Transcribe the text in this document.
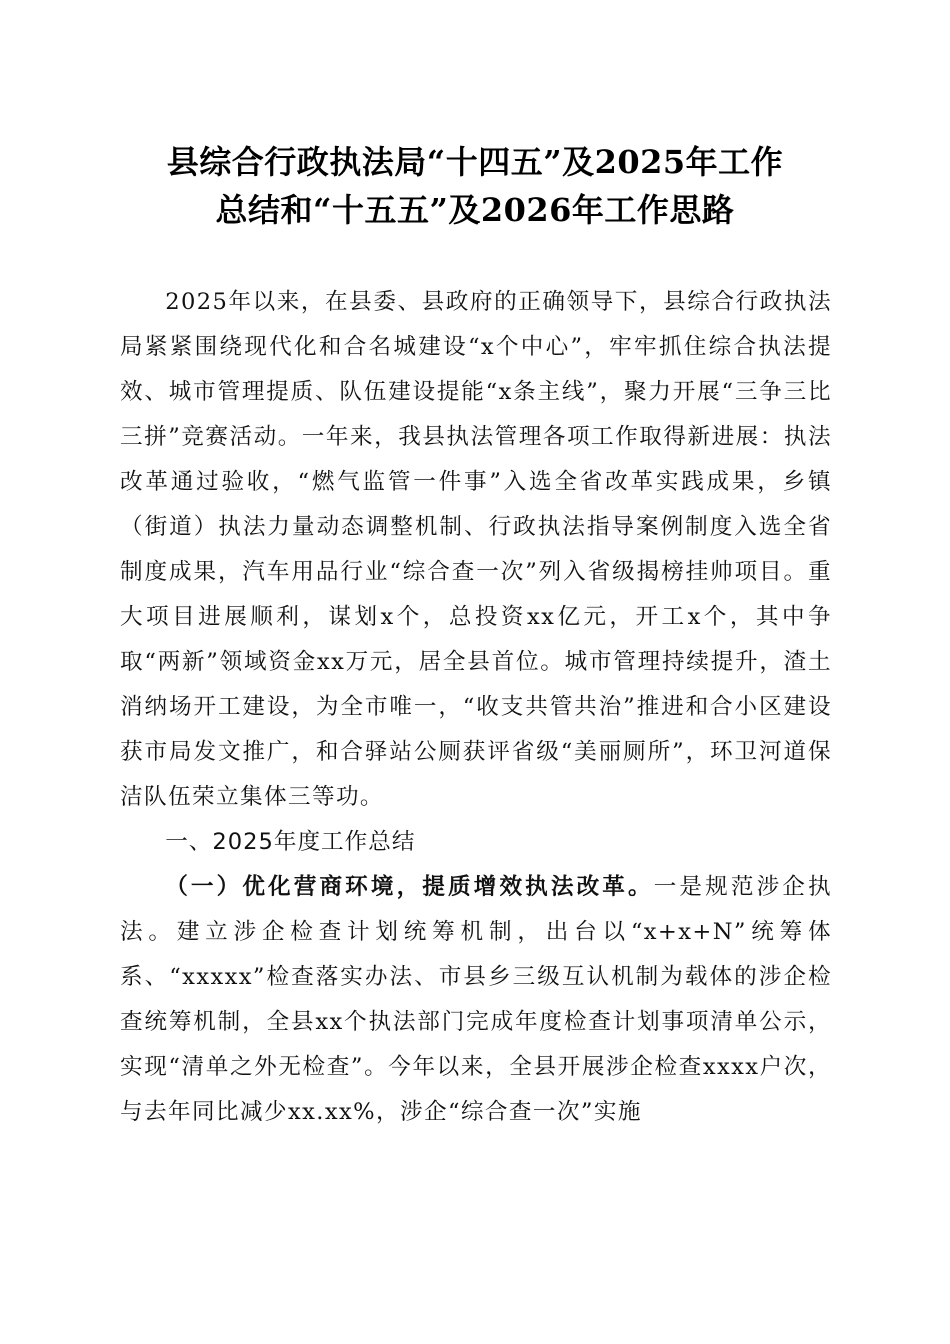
县综合行政执法局“十四五”及2025年工作
总结和“十五五”及2026年工作思路

2025年以来，在县委、县政府的正确领导下，县综合行政执法局紧紧围绕现代化和合名城建设“x个中心”，牢牢抓住综合执法提效、城市管理提质、队伍建设提能“x条主线”，聚力开展“三争三比三拼”竞赛活动。一年来，我县执法管理各项工作取得新进展：执法改革通过验收，“燃气监管一件事”入选全省改革实践成果，乡镇（街道）执法力量动态调整机制、行政执法指导案例制度入选全省制度成果，汽车用品行业“综合查一次”列入省级揭榜挂帅项目。重大项目进展顺利，谋划x个，总投资xx亿元，开工x个，其中争取“两新”领域资金xx万元，居全县首位。城市管理持续提升，渣土消纳场开工建设，为全市唯一，“收支共管共治”推进和合小区建设获市局发文推广，和合驿站公厕获评省级“美丽厕所”，环卫河道保洁队伍荣立集体三等功。

一、2025年度工作总结

（一）优化营商环境，提质增效执法改革。一是规范涉企执法。建立涉企检查计划统筹机制，出台以“x+x+N”统筹体系、“xxxxx”检查落实办法、市县乡三级互认机制为载体的涉企检查统筹机制，全县xx个执法部门完成年度检查计划事项清单公示，实现“清单之外无检查”。今年以来，全县开展涉企检查xxxx户次，与去年同比减少xx.xx%，涉企“综合查一次”实施
